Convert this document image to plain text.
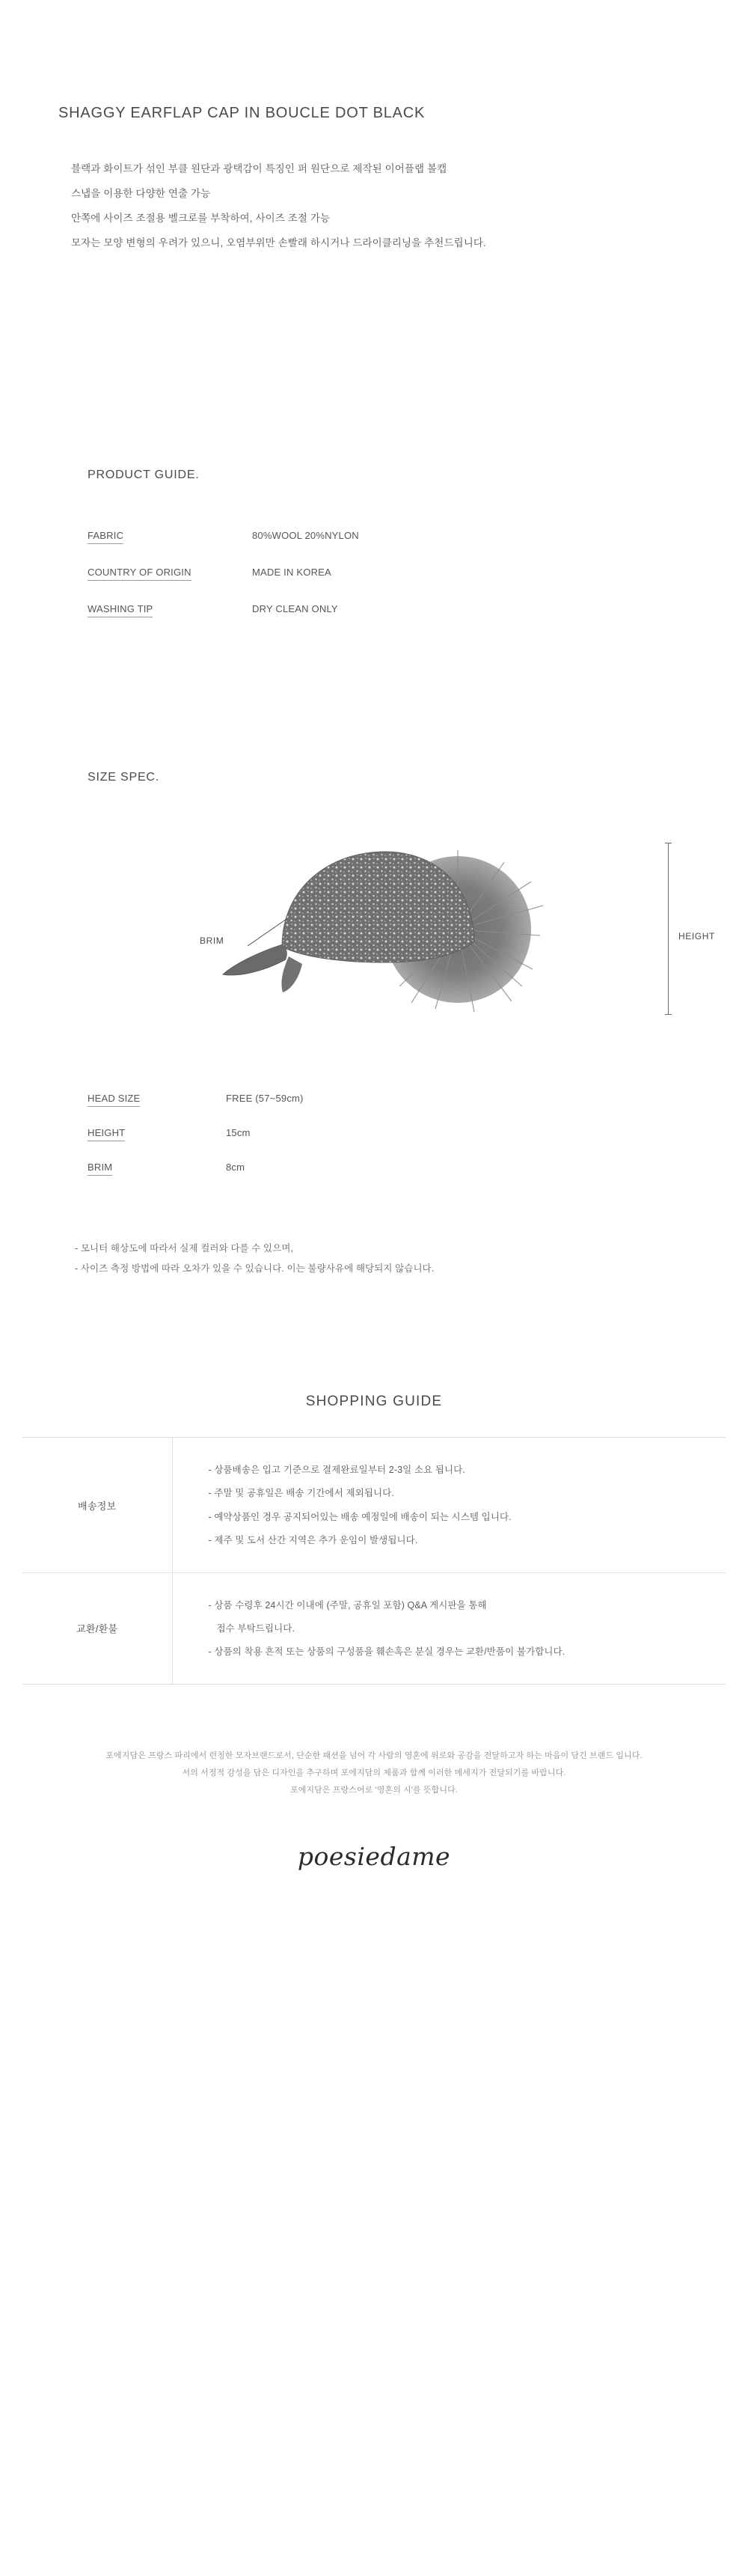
SHAGGY EARFLAP CAP IN BOUCLE DOT BLACK
블랙과 화이트가 섞인 부클 원단과 광택감이 특징인 퍼 원단으로 제작된 이어플랩 볼캡
스냅을 이용한 다양한 연출 가능
안쪽에 사이즈 조절용 벨크로를 부착하여, 사이즈 조절 가능
모자는 모양 변형의 우려가 있으니, 오염부위만 손빨래 하시거나 드라이클리닝을 추천드립니다.
PRODUCT GUIDE.
FABRIC	80%WOOL 20%NYLON
COUNTRY OF ORIGIN	MADE IN KOREA
WASHING TIP	DRY CLEAN ONLY
SIZE SPEC.
BRIM	HEIGHT
HEAD SIZE	FREE (57~59cm)
HEIGHT	15cm
BRIM	8cm

- 모니터 해상도에 따라서 실제 컬러와 다를 수 있으며,

- 사이즈 측정 방법에 따라 오차가 있을 수 있습니다. 이는 불량사유에 해당되지 않습니다.

SHOPPING GUIDE
배송정보	- 상품배송은 입고 기준으로 결제완료일부터 2-3일 소요 됩니다.

- 주말 및 공휴일은 배송 기간에서 제외됩니다.

- 예약상품인 경우 공지되어있는 배송 예정일에 배송이 되는 시스템 입니다.

- 제주 및 도서 산간 지역은 추가 운임이 발생됩니다.

교환/환불	- 상품 수령후 24시간 이내에 (주말, 공휴일 포함) Q&A 게시판을 통해

접수 부탁드립니다.

- 상품의 착용 흔적 또는 상품의 구성품을 훼손혹은 분실 경우는 교환/반품이 불가합니다.

포에지담은 프랑스 파리에서 런칭한 모자브랜드로서, 단순한 패션을 넘어 각 사람의 영혼에 위로와 공감을 전달하고자 하는 마음이 담긴 브랜드 입니다.

서의 서정적 감성을 담은 디자인을 추구하며 포에지담의 제품과 함께 이러한 메세지가 전달되기를 바랍니다.

포에지담은 프랑스어로 '영혼의 시'를 뜻합니다.

poesiedame
